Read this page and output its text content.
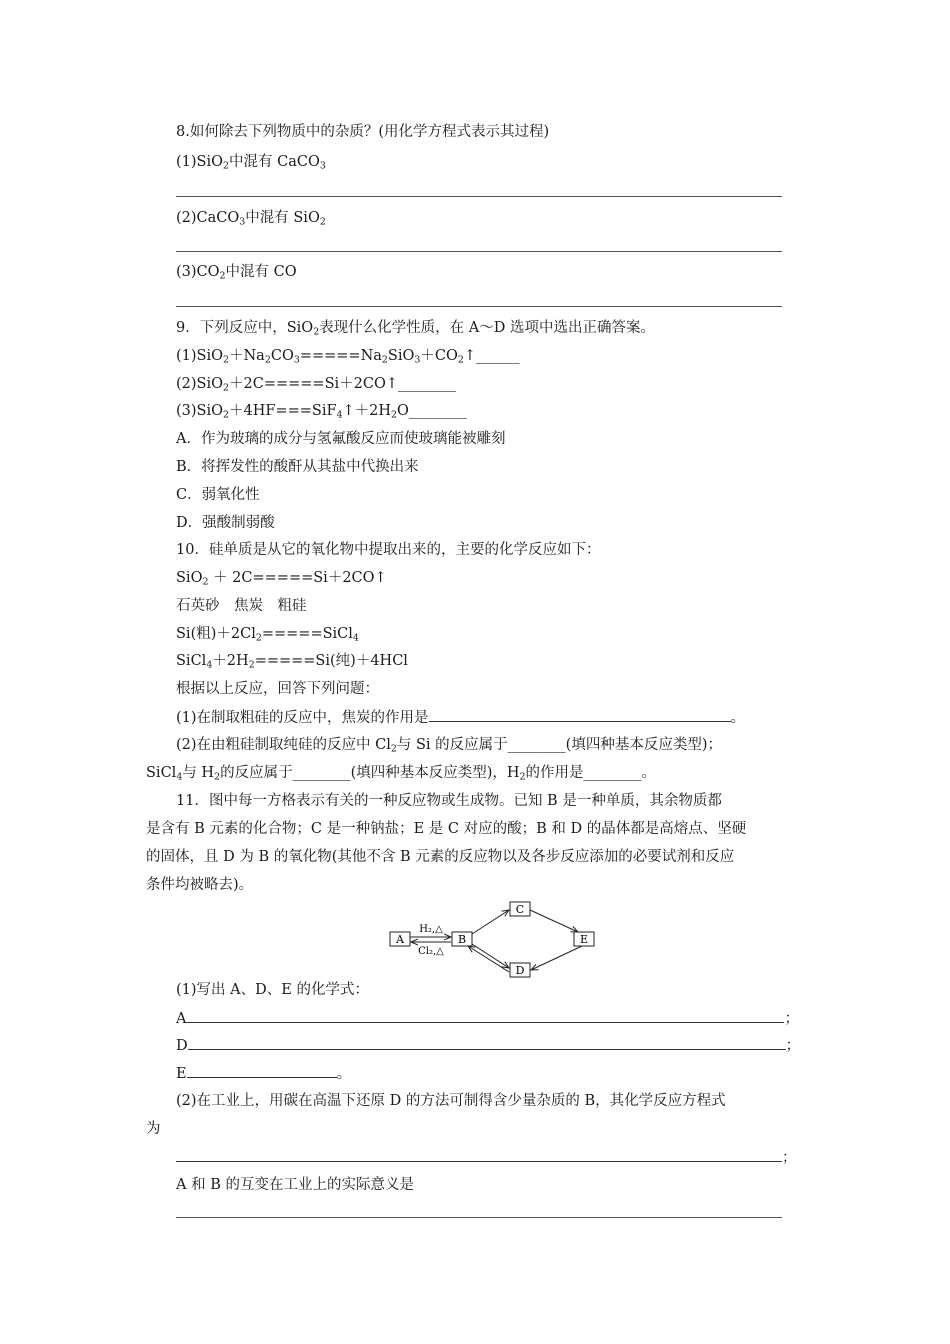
8.如何除去下列物质中的杂质？(用化学方程式表示其过程)
(1)SiO$_2$中混有 CaCO$_3$
(2)CaCO$_3$中混有 SiO$_2$
$(3)CO_2$中混有 CO
9．下列反应中，SiO$_2$表现什么化学性质，在 A～D 选项中选出正确答案。
$(1)SiO_2+Na_2CO_3=====Na_2SiO_3+CO_2↑\_\_\_\_\_\_$
(2)SiO$_2$＋2C=====Si＋2CO↑________
$(3)SiO_2+4HF===SiF_4↑+2H_2O\_\_\_\_\_\_\_\_$
A．作为玻璃的成分与氢氟酸反应而使玻璃能被雕刻
B．将挥发性的酸酐从其盐中代换出来
C．弱氧化性
D．强酸制弱酸
10．硅单质是从它的氧化物中提取出来的，主要的化学反应如下：
SiO$_2$ ＋ 2C=====Si＋2CO↑
石英砂　焦炭　粗硅
Si(粗)$+2Cl_2=====SiCl_4$
$SiCl_4+2H_2=====Si$(纯)＋4HCl
根据以上反应，回答下列问题：
(1)在制取粗硅的反应中，焦炭的作用是	。
(2)在由粗硅制取纯硅的反应中 $Cl_2$与 Si 的反应属于________(填四种基本反应类型)；
SiCl$_4$与 $H_2$的反应属于________(填四种基本反应类型)，$H_2$的作用是________。
11．图中每一方格表示有关的一种反应物或生成物。已知 B 是一种单质，其余物质都
是含有 B 元素的化合物；C 是一种钠盐；E 是 C 对应的酸；B 和 D 的晶体都是高熔点、坚硬
的固体，且 D 为 B 的氧化物(其他不含 B 元素的反应物以及各步反应添加的必要试剂和反应
条件均被略去)。
A	B
C
E
D
H₂,△
Cl₂,△
(1)写出 A、D、E 的化学式：
A	；
D	；
E	。
(2)在工业上，用碳在高温下还原 D 的方法可制得含少量杂质的 B，其化学反应方程式
为
；
A 和 B 的互变在工业上的实际意义是
